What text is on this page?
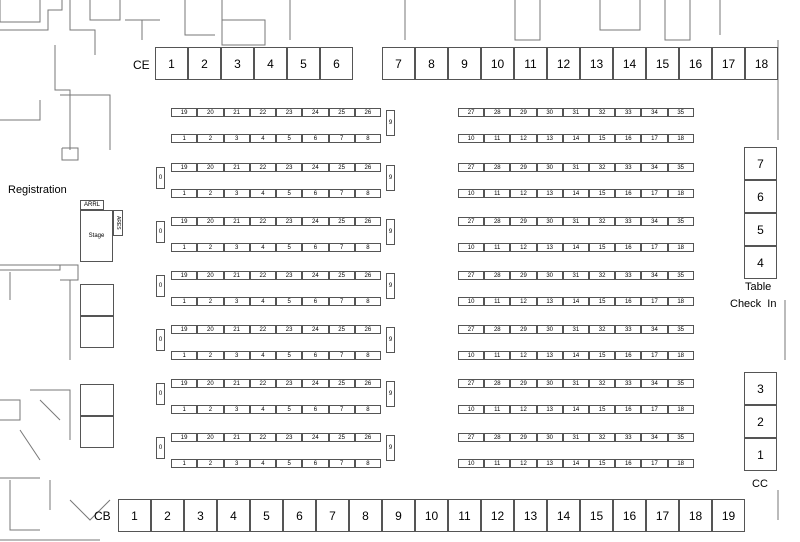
Registration
ARRL
Stage
ARES
CE 1 2 3 4 5 6	7 8 9 10 11 12 13 14 15 16 17 18
CB 1 2 3 4 5 6 7 8 9 10 11 12 13 14 15 16 17 18 19
7
6
5
4
Table
Check  In
3
2
1
CC
19	20	21	22	23	24	25	26
1	2	3	4	5	6	7	8
27	28	29	30	31	32	33	34	35
10	11	12	13	14	15	16	17	18
9
19	20	21	22	23	24	25	26
1	2	3	4	5	6	7	8
27	28	29	30	31	32	33	34	35
10	11	12	13	14	15	16	17	18
9
0
19	20	21	22	23	24	25	26
1	2	3	4	5	6	7	8
27	28	29	30	31	32	33	34	35
10	11	12	13	14	15	16	17	18
9
0
19	20	21	22	23	24	25	26
1	2	3	4	5	6	7	8
27	28	29	30	31	32	33	34	35
10	11	12	13	14	15	16	17	18
9
0
19	20	21	22	23	24	25	26
1	2	3	4	5	6	7	8
27	28	29	30	31	32	33	34	35
10	11	12	13	14	15	16	17	18
9
0
19	20	21	22	23	24	25	26
1	2	3	4	5	6	7	8
27	28	29	30	31	32	33	34	35
10	11	12	13	14	15	16	17	18
9
0
19	20	21	22	23	24	25	26
1	2	3	4	5	6	7	8
27	28	29	30	31	32	33	34	35
10	11	12	13	14	15	16	17	18
9
0
